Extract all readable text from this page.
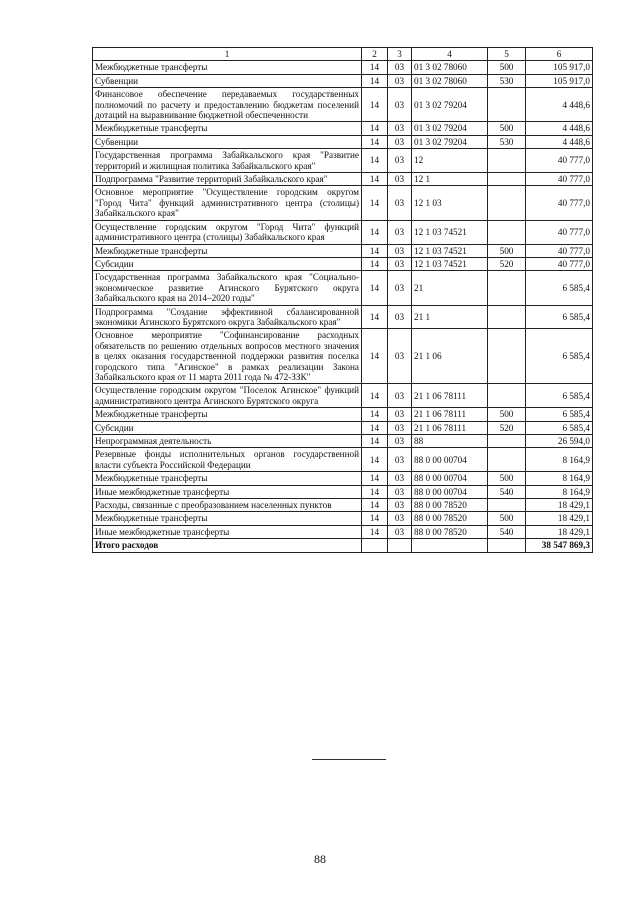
1	2	3	4	5	6
Межбюджетные трансферты	14	03	01 3 02 78060	500	105 917,0
Субвенции	14	03	01 3 02 78060	530	105 917,0
Финансовое обеспечение передаваемых государственных полномочий по расчету и предоставлению бюджетам поселений дотаций на выравнивание бюджетной обеспеченности	14	03	01 3 02 79204		4 448,6
Межбюджетные трансферты	14	03	01 3 02 79204	500	4 448,6
Субвенции	14	03	01 3 02 79204	530	4 448,6
Государственная программа Забайкальского края "Развитие территорий и жилищная политика Забайкальского края"	14	03	12		40 777,0
Подпрограмма "Развитие территорий Забайкальского края"	14	03	12 1		40 777,0
Основное мероприятие "Осуществление городским округом "Город Чита" функций административного центра (столицы) Забайкальского края"	14	03	12 1 03		40 777,0
Осуществление городским округом "Город Чита" функций административного центра (столицы) Забайкальского края	14	03	12 1 03 74521		40 777,0
Межбюджетные трансферты	14	03	12 1 03 74521	500	40 777,0
Субсидии	14	03	12 1 03 74521	520	40 777,0
Государственная программа Забайкальского края "Социально-экономическое развитие Агинского Бурятского округа Забайкальского края на 2014–2020 годы"	14	03	21		6 585,4
Подпрограмма "Создание эффективной сбалансированной экономики Агинского Бурятского округа Забайкальского края"	14	03	21 1		6 585,4
Основное мероприятие "Софинансирование расходных обязательств по решению отдельных вопросов местного значения в целях оказания государственной поддержки развития поселка городского типа "Агинское" в рамках реализации Закона Забайкальского края от 11 марта 2011 года № 472-ЗЗК"	14	03	21 1 06		6 585,4
Осуществление городским округом "Поселок Агинское" функций административного центра Агинского Бурятского округа	14	03	21 1 06 78111		6 585,4
Межбюджетные трансферты	14	03	21 1 06 78111	500	6 585,4
Субсидии	14	03	21 1 06 78111	520	6 585,4
Непрограммная деятельность	14	03	88		26 594,0
Резервные фонды исполнительных органов государственной власти субъекта Российской Федерации	14	03	88 0 00 00704		8 164,9
Межбюджетные трансферты	14	03	88 0 00 00704	500	8 164,9
Иные межбюджетные трансферты	14	03	88 0 00 00704	540	8 164,9
Расходы, связанные с преобразованием населенных пунктов	14	03	88 0 00 78520		18 429,1
Межбюджетные трансферты	14	03	88 0 00 78520	500	18 429,1
Иные межбюджетные трансферты	14	03	88 0 00 78520	540	18 429,1
Итого расходов					38 547 869,3
88
